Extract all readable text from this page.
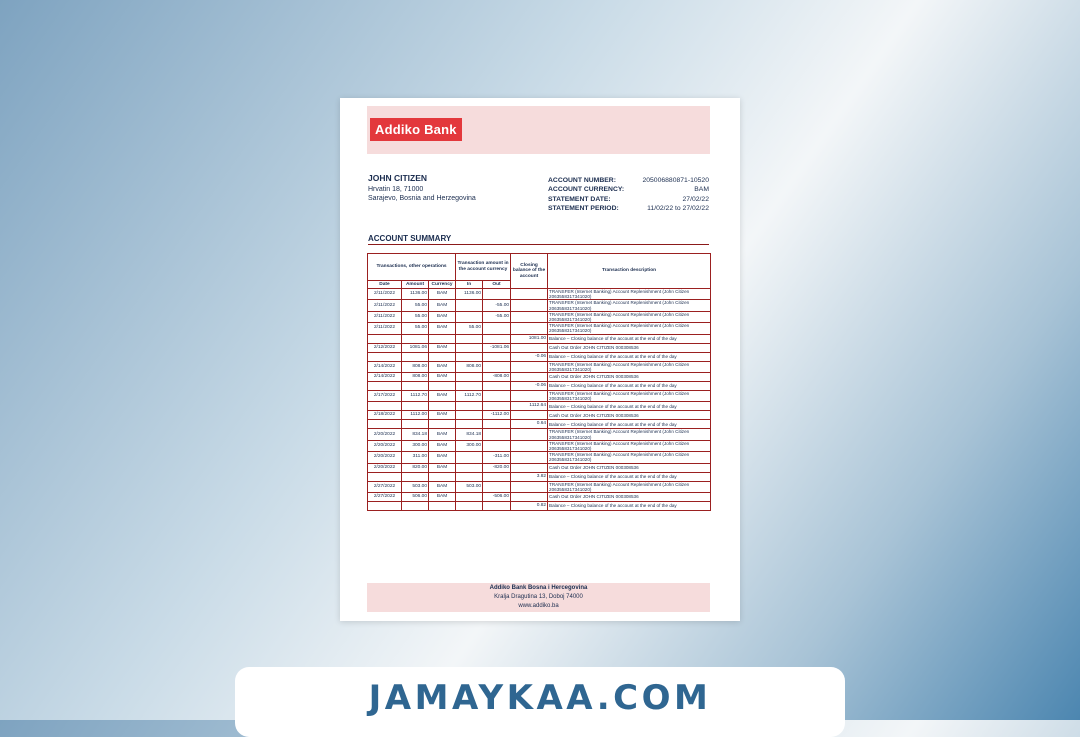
Addiko Bank
JOHN CITIZEN
Hrvatin 18, 71000
Sarajevo, Bosnia and Herzegovina
ACCOUNT NUMBER:	205006880871-10520
ACCOUNT CURRENCY:	BAM
STATEMENT DATE:	27/02/22
STATEMENT PERIOD:	11/02/22 to 27/02/22
ACCOUNT SUMMARY
Transactions, other operations			Transaction amount in the account currency		Closing balance of the account	Transaction description
Date	Amount	Currency	In	Out		
2/11/2022	1136.00	BAM	1136.00			TRANSFER (Internet Banking) Account Replenishment (John Citizen 2063558317341020)
2/11/2022	55.00	BAM		-55.00		TRANSFER (Internet Banking) Account Replenishment (John Citizen 2063558317341020)
2/11/2022	55.00	BAM		-55.00		TRANSFER (Internet Banking) Account Replenishment (John Citizen 2063558317341020)
2/11/2022	55.00	BAM	55.00			TRANSFER (Internet Banking) Account Replenishment (John Citizen 2063558317341020)
					1081.00	Balance – Closing balance of the account at the end of the day
2/12/2022	1081.06	BAM		-1081.06		Cash Out Order JOHN CITIZEN 000308536
					-0.06	Balance – Closing balance of the account at the end of the day
2/14/2022	808.00	BAM	808.00			TRANSFER (Internet Banking) Account Replenishment (John Citizen 2063558317341020)
2/14/2022	808.00	BAM		-808.00		Cash Out Order JOHN CITIZEN 000308536
					-0.06	Balance – Closing balance of the account at the end of the day
2/17/2022	1112.70	BAM	1112.70			TRANSFER (Internet Banking) Account Replenishment (John Citizen 2063558317341020)
					1112.64	Balance – Closing balance of the account at the end of the day
2/18/2022	1112.00	BAM		-1112.00		Cash Out Order JOHN CITIZEN 000308536
					0.64	Balance – Closing balance of the account at the end of the day
2/20/2022	834.18	BAM	834.18			TRANSFER (Internet Banking) Account Replenishment (John Citizen 2063558317341020)
2/20/2022	300.00	BAM	300.00			TRANSFER (Internet Banking) Account Replenishment (John Citizen 2063558317341020)
2/20/2022	311.00	BAM		-311.00		TRANSFER (Internet Banking) Account Replenishment (John Citizen 2063558317341020)
2/20/2022	820.00	BAM		-820.00		Cash Out Order JOHN CITIZEN 000308536
					3.82	Balance – Closing balance of the account at the end of the day
2/27/2022	503.00	BAM	503.00			TRANSFER (Internet Banking) Account Replenishment (John Citizen 2063558317341020)
2/27/2022	506.00	BAM		-506.00		Cash Out Order JOHN CITIZEN 000308536
					0.82	Balance – Closing balance of the account at the end of the day
Addiko Bank Bosna i Hercegovina
Kralja Dragutina 13, Doboj 74000
www.addiko.ba
JAMAYKAA.COM
